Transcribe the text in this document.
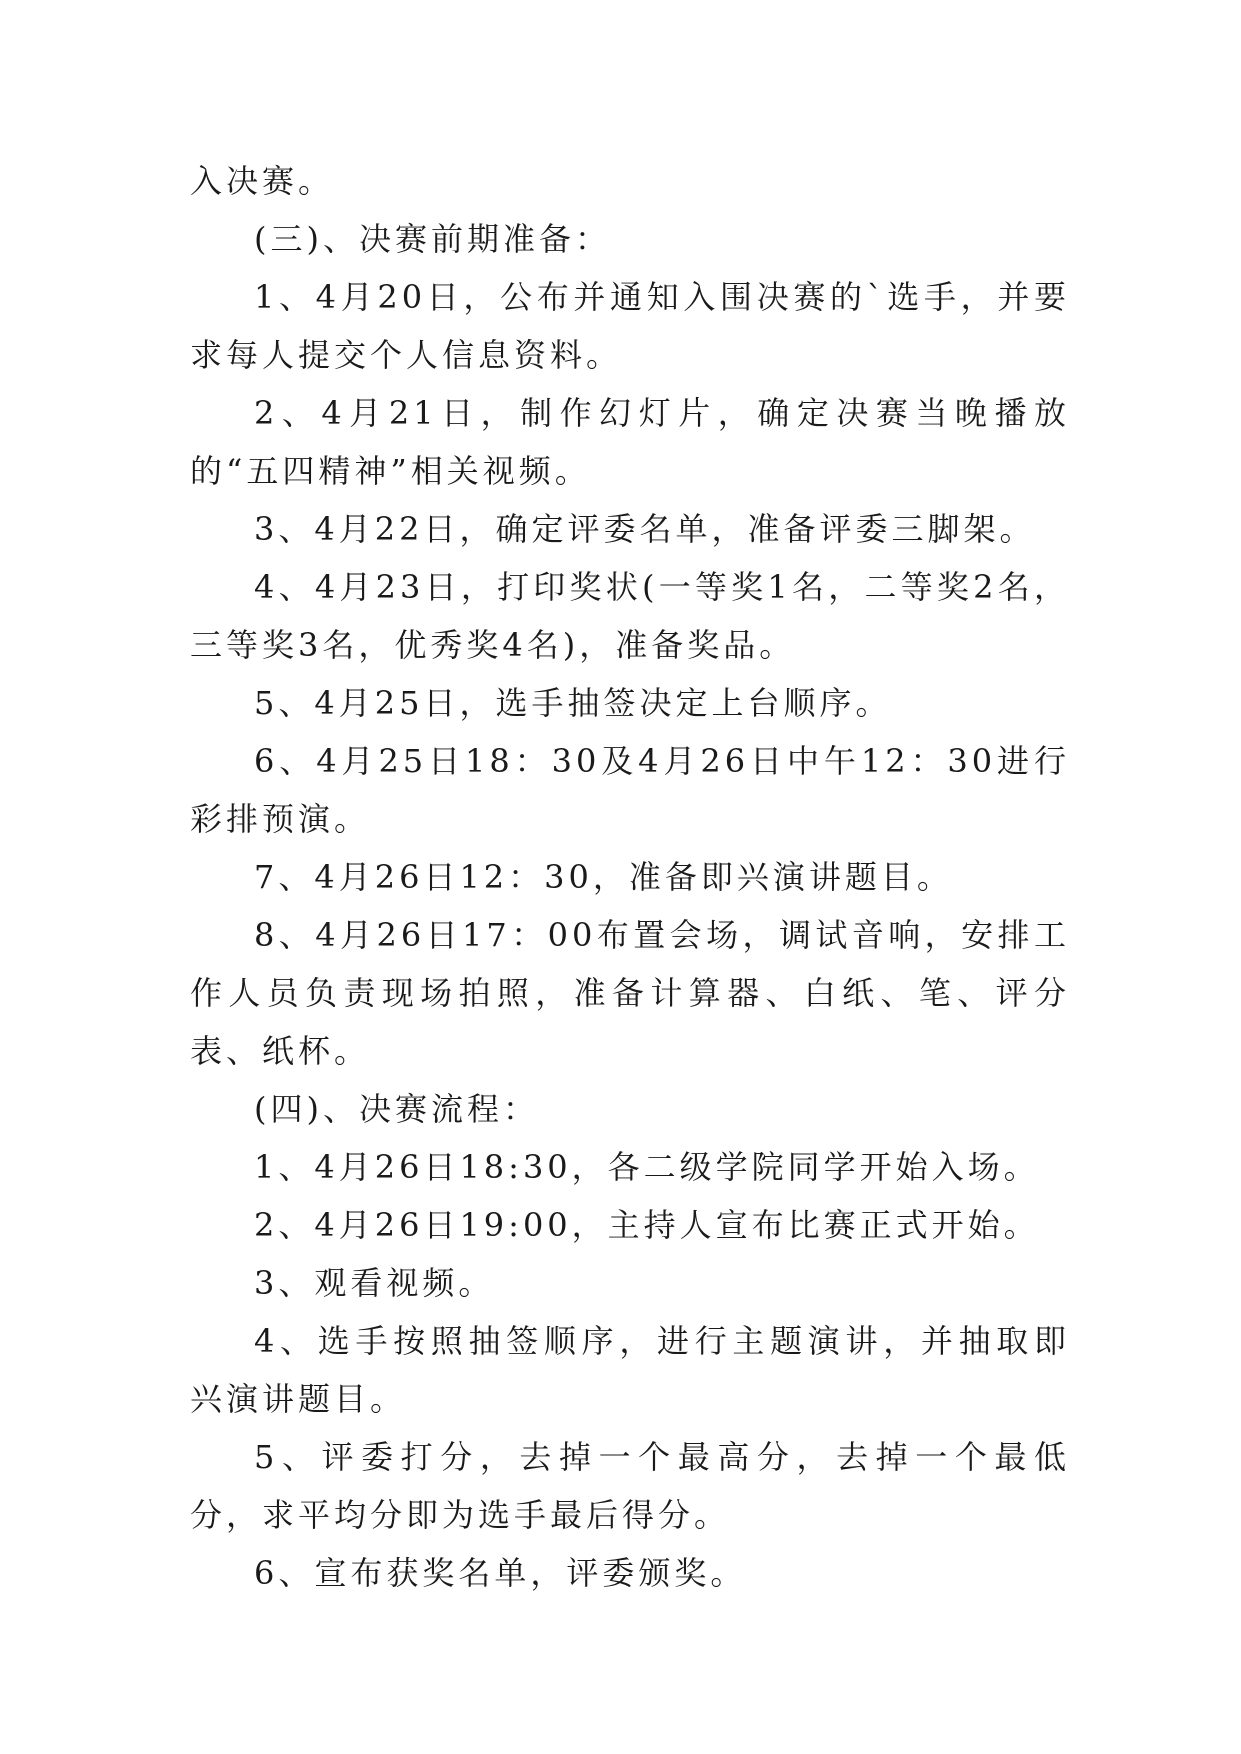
入决赛。

(三)、决赛前期准备：

1、4月20日，公布并通知入围决赛的`选手，并要求每人提交个人信息资料。

2、4月21日，制作幻灯片，确定决赛当晚播放的“五四精神”相关视频。

3、4月22日，确定评委名单，准备评委三脚架。

4、4月23日，打印奖状(一等奖1名，二等奖2名，三等奖3名，优秀奖4名)，准备奖品。

5、4月25日，选手抽签决定上台顺序。

6、4月25日18：30及4月26日中午12：30进行彩排预演。

7、4月26日12：30，准备即兴演讲题目。

8、4月26日17：00布置会场，调试音响，安排工作人员负责现场拍照，准备计算器、白纸、笔、评分表、纸杯。

(四)、决赛流程：

1、4月26日18:30，各二级学院同学开始入场。

2、4月26日19:00，主持人宣布比赛正式开始。

3、观看视频。

4、选手按照抽签顺序，进行主题演讲，并抽取即兴演讲题目。

5、评委打分，去掉一个最高分，去掉一个最低分，求平均分即为选手最后得分。

6、宣布获奖名单，评委颁奖。
